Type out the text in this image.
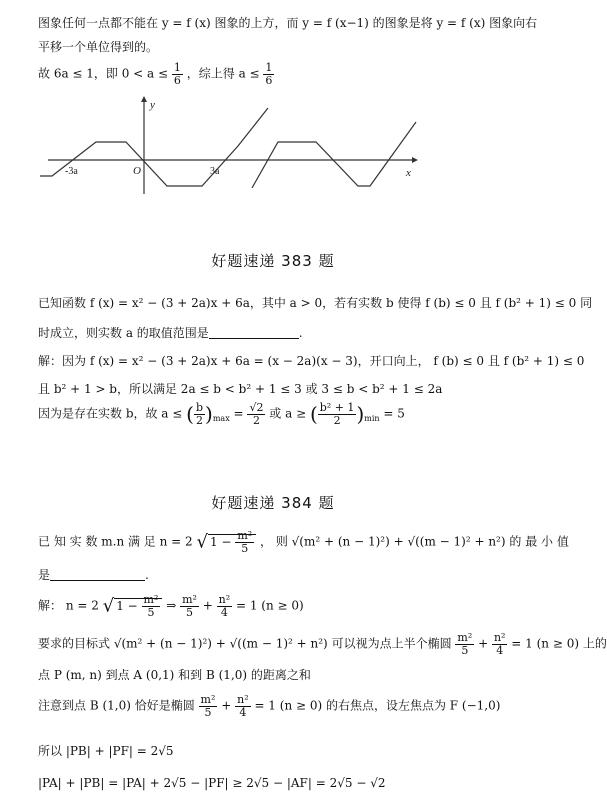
图象任何一点都不能在 y = f (x) 图象的上方，而 y = f (x−1) 的图象是将 y = f (x) 图象向右
平移一个单位得到的。
故 6a ≤ 1，即 $0 < a \le \frac{1}{6}$ ，综上得 $a \le \frac{1}{6}$
y
x
O
-3a	3a
好题速递 383 题
已知函数 f (x) = x² − (3 + 2a)x + 6a，其中 a > 0，若有实数 b 使得 f (b) ≤ 0 且 f (b² + 1) ≤ 0 同
时成立，则实数 a 的取值范围是	.
解：因为 f (x) = x² − (3 + 2a)x + 6a = (x − 2a)(x − 3)，开口向上， f (b) ≤ 0 且 f (b² + 1) ≤ 0
且 b² + 1 > b，所以满足 2a ≤ b < b² + 1 ≤ 3 或 3 ≤ b < b² + 1 ≤ 2a
因为是存在实数 b，故 a ≤ ( $\frac{b}{2} )_{max} = \frac{√2}{2}$ 或 a ≥ ( $\frac{\text{b² + 1}}{2} )_{min} = 5$
好题速递 384 题
已 知 实 数 m.n 满 足 n = 2 √ $1 - \frac{\text{m²}}{5}$ ， 则 √(m² + (n − 1)²) + √((m − 1)² + n²) 的 最 小 值
是	.
解： n = 2 √ $1 - \frac{\text{m²}}{5}$ ⇒ $\frac{\text{m²}}{5} + \frac{\text{n²}}{4} = 1$ (n ≥ 0)
要求的目标式 √(m² + (n − 1)²) + √((m − 1)² + n²) 可以视为点上半个椭圆 $\frac{\text{m²}}{5} + \frac{\text{n²}}{4} = 1$ (n ≥ 0) 上的
点 P (m, n) 到点 A (0,1) 和到 B (1,0) 的距离之和
注意到点 B (1,0) 恰好是椭圆 $\frac{\text{m²}}{5} + \frac{\text{n²}}{4} = 1$ (n ≥ 0) 的右焦点，设左焦点为 F (−1,0)
所以 |PB| + |PF| = 2√5
|PA| + |PB| = |PA| + 2√5 − |PF| ≥ 2√5 − |AF| = 2√5 − √2
